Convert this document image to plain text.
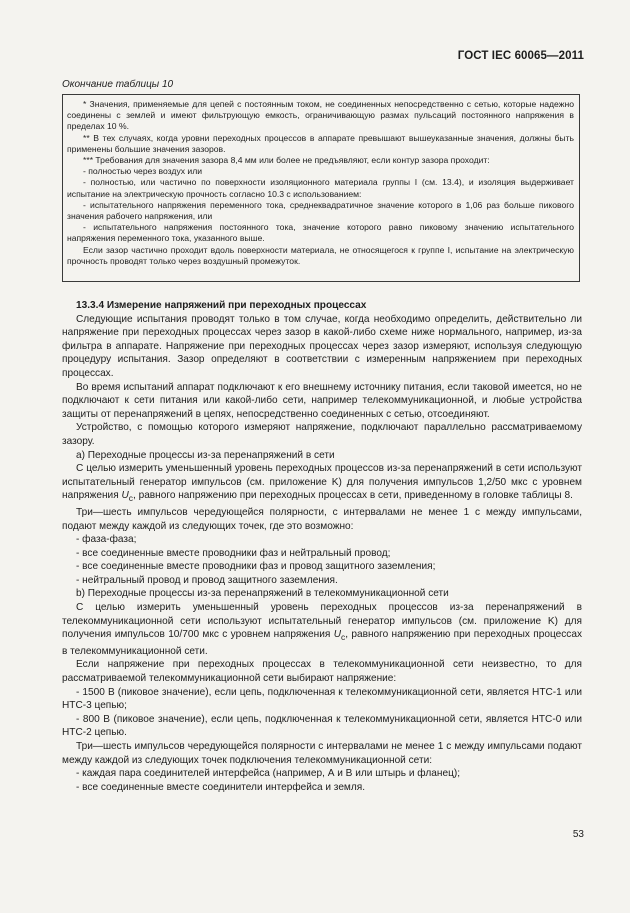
ГОСТ IEC 60065—2011
Окончание таблицы 10

* Значения, применяемые для цепей с постоянным током, не соединенных непосредственно с сетью, которые надежно соединены с землей и имеют фильтрующую емкость, ограничивающую размах пульсаций постоянного напряжения в пределах 10 %.

** В тех случаях, когда уровни переходных процессов в аппарате превышают вышеуказанные значения, должны быть применены большие значения зазоров.

*** Требования для значения зазора 8,4 мм или более не предъявляют, если контур зазора проходит:

- полностью через воздух или

- полностью, или частично по поверхности изоляционного материала группы I (см. 13.4), и изоляция выдерживает испытание на электрическую прочность согласно 10.3 с использованием:

- испытательного напряжения переменного тока, среднеквадратичное значение которого в 1,06 раз больше пикового значения рабочего напряжения, или

- испытательного напряжения постоянного тока, значение которого равно пиковому значению испытательного напряжения переменного тока, указанного выше.

Если зазор частично проходит вдоль поверхности материала, не относящегося к группе I, испытание на электрическую прочность проводят только через воздушный промежуток.

13.3.4 Измерение напряжений при переходных процессах

Следующие испытания проводят только в том случае, когда необходимо определить, действительно ли напряжение при переходных процессах через зазор в какой-либо схеме ниже нормального, например, из-за фильтра в аппарате. Напряжение при переходных процессах через зазор измеряют, используя следующую процедуру испытания. Зазор определяют в соответствии с измеренным напряжением при переходных процессах.

Во время испытаний аппарат подключают к его внешнему источнику питания, если таковой имеется, но не подключают к сети питания или какой-либо сети, например телекоммуникационной, и любые устройства защиты от перенапряжений в цепях, непосредственно соединенных с сетью, отсоединяют.

Устройство, с помощью которого измеряют напряжение, подключают параллельно рассматриваемому зазору.

a) Переходные процессы из-за перенапряжений в сети

С целью измерить уменьшенный уровень переходных процессов из-за перенапряжений в сети используют испытательный генератор импульсов (см. приложение K) для получения импульсов 1,2/50 мкс с уровнем напряжения $U_c$, равного напряжению при переходных процессах в сети, приведенному в головке таблицы 8.

Три—шесть импульсов чередующейся полярности, с интервалами не менее 1 с между импульсами, подают между каждой из следующих точек, где это возможно:

- фаза-фаза;

- все соединенные вместе проводники фаз и нейтральный провод;

- все соединенные вместе проводники фаз и провод защитного заземления;

- нейтральный провод и провод защитного заземления.

b) Переходные процессы из-за перенапряжений в телекоммуникационной сети

С целью измерить уменьшенный уровень переходных процессов из-за перенапряжений в телекоммуникационной сети используют испытательный генератор импульсов (см. приложение K) для получения импульсов 10/700 мкс с уровнем напряжения $U_c$, равного напряжению при переходных процессах в телекоммуникационной сети.

Если напряжение при переходных процессах в телекоммуникационной сети неизвестно, то для рассматриваемой телекоммуникационной сети выбирают напряжение:

- 1500 В (пиковое значение), если цепь, подключенная к телекоммуникационной сети, является НТС-1 или НТС-3 цепью;

- 800 В (пиковое значение), если цепь, подключенная к телекоммуникационной сети, является НТС-0 или НТС-2 цепью.

Три—шесть импульсов чередующейся полярности с интервалами не менее 1 с между импульсами подают между каждой из следующих точек подключения телекоммуникационной сети:

- каждая пара соединителей интерфейса (например, А и В или штырь и фланец);

- все соединенные вместе соединители интерфейса и земля.

53
